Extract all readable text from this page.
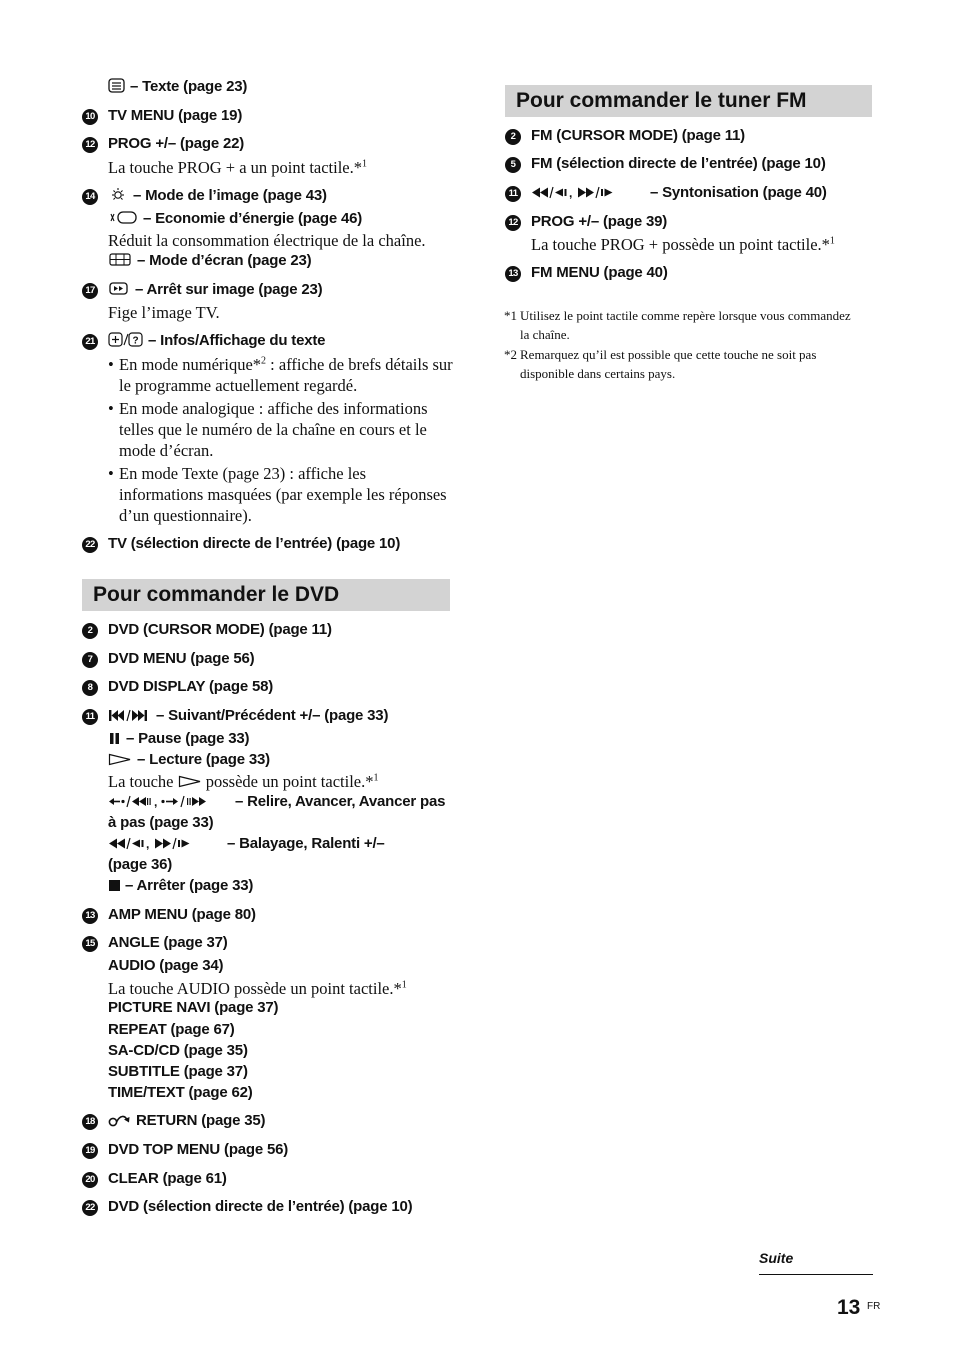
– Texte (page 23)
10 TV MENU (page 19)
12 PROG +/– (page 22)
La touche PROG + a un point tactile.*$^1$
14	– Mode de l’image (page 43)
– Economie d’énergie (page 46)
Réduit la consommation électrique de la chaîne.
– Mode d’écran (page 23)
17	– Arrêt sur image (page 23)
Fige l’image TV.
21	? – Infos/Affichage du texte
• En mode numérique*$^2$ : affiche de brefs détails sur le programme actuellement regardé.
• En mode analogique : affiche des informations telles que le numéro de la chaîne en cours et le mode d’écran.
• En mode Texte (page 23) : affiche les informations masquées (par exemple les réponses d’un questionnaire).
22 TV (sélection directe de l’entrée) (page 10)
Pour commander le DVD
2	DVD (CURSOR MODE) (page 11)
7	DVD MENU (page 56)
8	DVD DISPLAY (page 58)
11	– Suivant/Précédent +/– (page 33)
– Pause (page 33)
– Lecture (page 33)
La touche possède un point tactile.*$^1$
,	– Relire, Avancer, Avancer pas
à pas (page 33)
,	– Balayage, Ralenti +/–
(page 36)
– Arrêter (page 33)
13 AMP MENU (page 80)
15 ANGLE (page 37)
AUDIO (page 34)
La touche AUDIO possède un point tactile.*$^1$
PICTURE NAVI (page 37)
REPEAT (page 67)
SA-CD/CD (page 35)
SUBTITLE (page 37)
TIME/TEXT (page 62)
18	RETURN (page 35)
19 DVD TOP MENU (page 56)
20 CLEAR (page 61)
22 DVD (sélection directe de l’entrée) (page 10)
Pour commander le tuner FM
2	FM (CURSOR MODE) (page 11)
5	FM (sélection directe de l’entrée) (page 10)
11	,	– Syntonisation (page 40)
12 PROG +/– (page 39)
La touche PROG + possède un point tactile.*$^1$
13 FM MENU (page 40)
*1 Utilisez le point tactile comme repère lorsque vous commandez la chaîne.
*2 Remarquez qu’il est possible que cette touche ne soit pas disponible dans certains pays.
Suite
13 FR
